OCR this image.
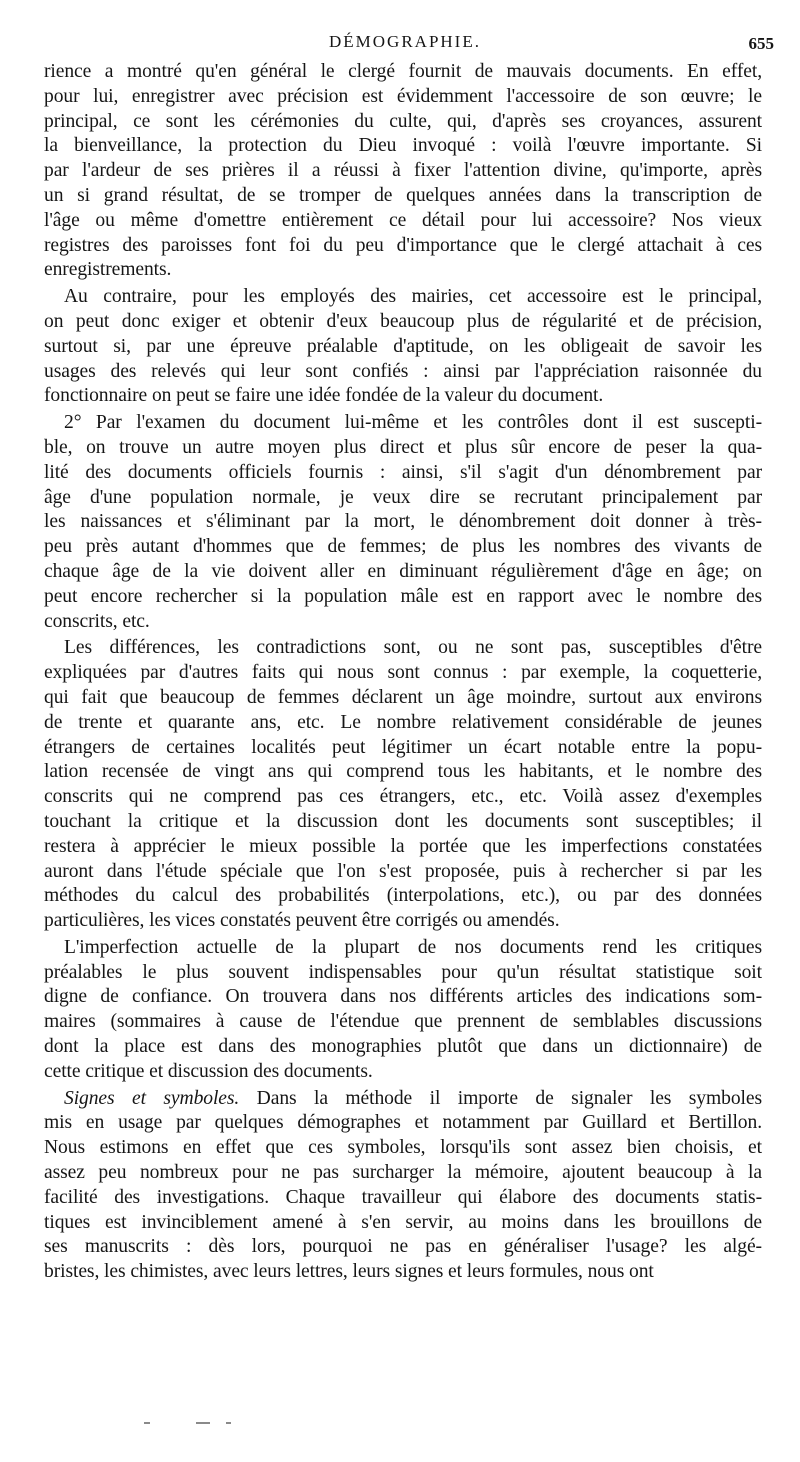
DÉMOGRAPHIE.	655
rience a montré qu'en général le clergé fournit de mauvais documents. En effet,
pour lui, enregistrer avec précision est évidemment l'accessoire de son œuvre; le
principal, ce sont les cérémonies du culte, qui, d'après ses croyances, assurent
la bienveillance, la protection du Dieu invoqué : voilà l'œuvre importante. Si
par l'ardeur de ses prières il a réussi à fixer l'attention divine, qu'importe, après
un si grand résultat, de se tromper de quelques années dans la transcription de
l'âge ou même d'omettre entièrement ce détail pour lui accessoire? Nos vieux
registres des paroisses font foi du peu d'importance que le clergé attachait à ces
enregistrements.
Au contraire, pour les employés des mairies, cet accessoire est le principal,
on peut donc exiger et obtenir d'eux beaucoup plus de régularité et de précision,
surtout si, par une épreuve préalable d'aptitude, on les obligeait de savoir les
usages des relevés qui leur sont confiés : ainsi par l'appréciation raisonnée du
fonctionnaire on peut se faire une idée fondée de la valeur du document.
2° Par l'examen du document lui-même et les contrôles dont il est suscepti-
ble, on trouve un autre moyen plus direct et plus sûr encore de peser la qua-
lité des documents officiels fournis : ainsi, s'il s'agit d'un dénombrement par
âge d'une population normale, je veux dire se recrutant principalement par
les naissances et s'éliminant par la mort, le dénombrement doit donner à très-
peu près autant d'hommes que de femmes; de plus les nombres des vivants de
chaque âge de la vie doivent aller en diminuant régulièrement d'âge en âge; on
peut encore rechercher si la population mâle est en rapport avec le nombre des
conscrits, etc.
Les différences, les contradictions sont, ou ne sont pas, susceptibles d'être
expliquées par d'autres faits qui nous sont connus : par exemple, la coquetterie,
qui fait que beaucoup de femmes déclarent un âge moindre, surtout aux environs
de trente et quarante ans, etc. Le nombre relativement considérable de jeunes
étrangers de certaines localités peut légitimer un écart notable entre la popu-
lation recensée de vingt ans qui comprend tous les habitants, et le nombre des
conscrits qui ne comprend pas ces étrangers, etc., etc. Voilà assez d'exemples
touchant la critique et la discussion dont les documents sont susceptibles; il
restera à apprécier le mieux possible la portée que les imperfections constatées
auront dans l'étude spéciale que l'on s'est proposée, puis à rechercher si par les
méthodes du calcul des probabilités (interpolations, etc.), ou par des données
particulières, les vices constatés peuvent être corrigés ou amendés.
L'imperfection actuelle de la plupart de nos documents rend les critiques
préalables le plus souvent indispensables pour qu'un résultat statistique soit
digne de confiance. On trouvera dans nos différents articles des indications som-
maires (sommaires à cause de l'étendue que prennent de semblables discussions
dont la place est dans des monographies plutôt que dans un dictionnaire) de
cette critique et discussion des documents.
Signes et symboles. Dans la méthode il importe de signaler les symboles
mis en usage par quelques démographes et notamment par Guillard et Bertillon.
Nous estimons en effet que ces symboles, lorsqu'ils sont assez bien choisis, et
assez peu nombreux pour ne pas surcharger la mémoire, ajoutent beaucoup à la
facilité des investigations. Chaque travailleur qui élabore des documents statis-
tiques est invinciblement amené à s'en servir, au moins dans les brouillons de
ses manuscrits : dès lors, pourquoi ne pas en généraliser l'usage? les algé-
bristes, les chimistes, avec leurs lettres, leurs signes et leurs formules, nous ont
